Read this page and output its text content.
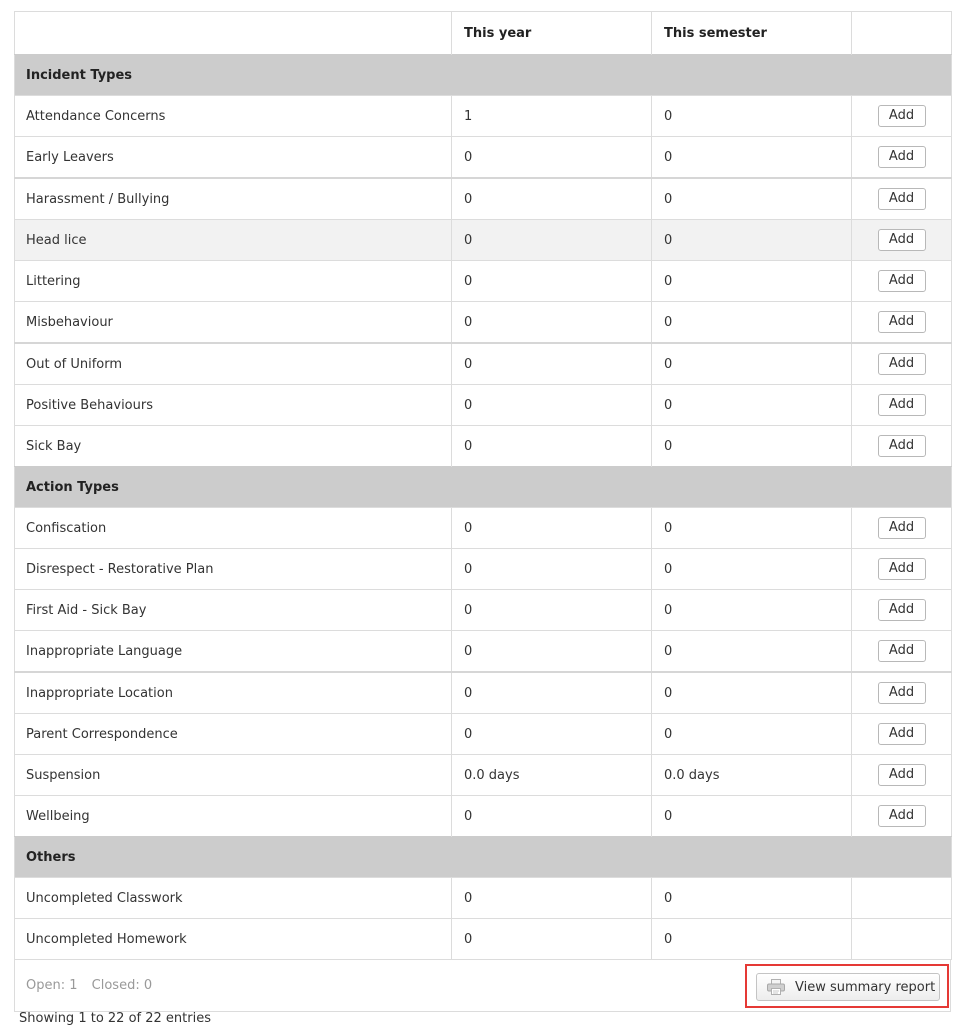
	This year	This semester	
Incident Types			
Attendance Concerns	1	0	Add
Early Leavers	0	0	Add
Harassment / Bullying	0	0	Add
Head lice	0	0	Add
Littering	0	0	Add
Misbehaviour	0	0	Add
Out of Uniform	0	0	Add
Positive Behaviours	0	0	Add
Sick Bay	0	0	Add
Action Types			
Confiscation	0	0	Add
Disrespect - Restorative Plan	0	0	Add
First Aid - Sick Bay	0	0	Add
Inappropriate Language	0	0	Add
Inappropriate Location	0	0	Add
Parent Correspondence	0	0	Add
Suspension	0.0 days	0.0 days	Add
Wellbeing	0	0	Add
Others			
Uncompleted Classwork	0	0	
Uncompleted Homework	0	0	
Open: 1 Closed: 0	View summary report
Showing 1 to 22 of 22 entries
